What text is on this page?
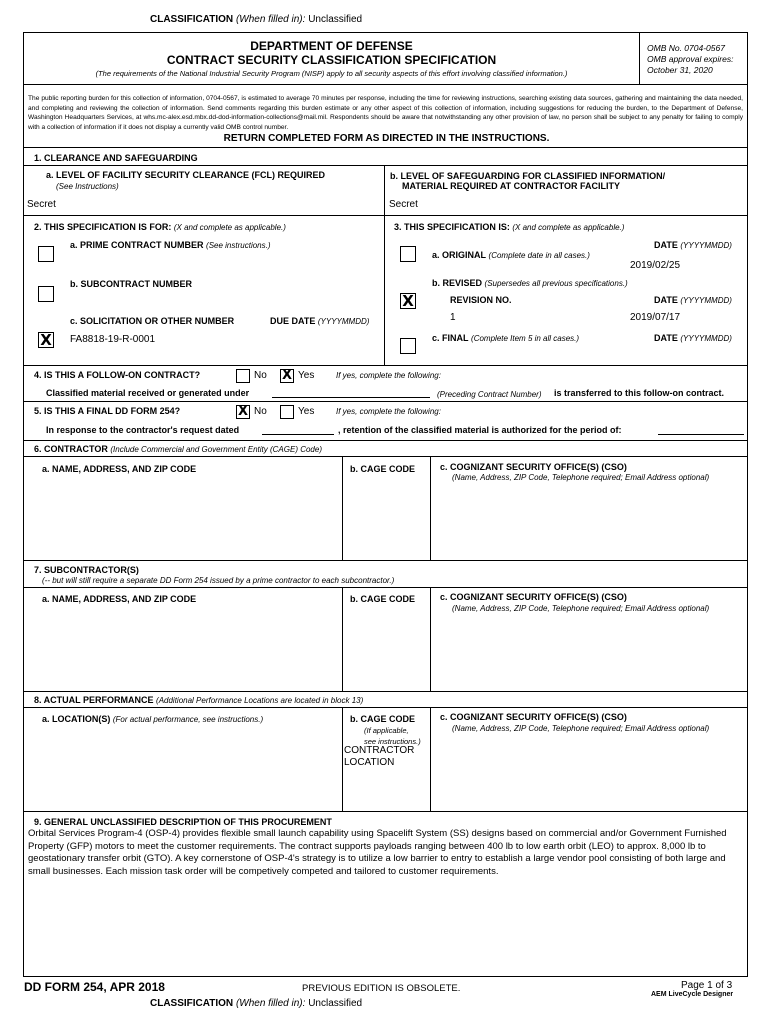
CLASSIFICATION (When filled in): Unclassified
DEPARTMENT OF DEFENSE
CONTRACT SECURITY CLASSIFICATION SPECIFICATION
(The requirements of the National Industrial Security Program (NISP) apply to all security aspects of this effort involving classified information.)
OMB No. 0704-0567
OMB approval expires:
October 31, 2020
The public reporting burden for this collection of information, 0704-0567, is estimated to average 70 minutes per response, including the time for reviewing instructions, searching existing data sources, gathering and maintaining the data needed, and completing and reviewing the collection of information. Send comments regarding this burden estimate or any other aspect of this collection of information, including suggestions for reducing the burden, to the Department of Defense, Washington Headquarters Services, at whs.mc-alex.esd.mbx.dd-dod-information-collections@mail.mil. Respondents should be aware that notwithstanding any other provision of law, no person shall be subject to any penalty for failing to comply with a collection of information if it does not display a currently valid OMB control number.
RETURN COMPLETED FORM AS DIRECTED IN THE INSTRUCTIONS.
1. CLEARANCE AND SAFEGUARDING
a. LEVEL OF FACILITY SECURITY CLEARANCE (FCL) REQUIRED
(See Instructions)
Secret
b. LEVEL OF SAFEGUARDING FOR CLASSIFIED INFORMATION/
MATERIAL REQUIRED AT CONTRACTOR FACILITY
Secret
2. THIS SPECIFICATION IS FOR: (X and complete as applicable.)
a. PRIME CONTRACT NUMBER (See instructions.)
b. SUBCONTRACT NUMBER
c. SOLICITATION OR OTHER NUMBER	DUE DATE (YYYYMMDD)
X FA8818-19-R-0001
3. THIS SPECIFICATION IS: (X and complete as applicable.)
DATE (YYYYMMDD)
a. ORIGINAL (Complete date in all cases.)
2019/02/25
b. REVISED (Supersedes all previous specifications.)
X	REVISION NO.	DATE (YYYYMMDD)
1	2019/07/17
c. FINAL (Complete Item 5 in all cases.)	DATE (YYYYMMDD)
4. IS THIS A FOLLOW-ON CONTRACT?	No X Yes	If yes, complete the following:
Classified material received or generated under	(Preceding Contract Number) is transferred to this follow-on contract.
5. IS THIS A FINAL DD FORM 254?	X No	Yes	If yes, complete the following:
In response to the contractor's request dated	, retention of the classified material is authorized for the period of:
6. CONTRACTOR (Include Commercial and Government Entity (CAGE) Code)
a. NAME, ADDRESS, AND ZIP CODE	b. CAGE CODE	c. COGNIZANT SECURITY OFFICE(S) (CSO)
(Name, Address, ZIP Code, Telephone required; Email Address optional)
7. SUBCONTRACTOR(S)
(-- but will still require a separate DD Form 254 issued by a prime contractor to each subcontractor.)
a. NAME, ADDRESS, AND ZIP CODE	b. CAGE CODE	c. COGNIZANT SECURITY OFFICE(S) (CSO)
(Name, Address, ZIP Code, Telephone required; Email Address optional)
8. ACTUAL PERFORMANCE (Additional Performance Locations are located in block 13)
a. LOCATION(S) (For actual performance, see instructions.)	b. CAGE CODE
(If applicable,
see instructions.)
CONTRACTOR
LOCATION
c. COGNIZANT SECURITY OFFICE(S) (CSO)
(Name, Address, ZIP Code, Telephone required; Email Address optional)
9. GENERAL UNCLASSIFIED DESCRIPTION OF THIS PROCUREMENT
Orbital Services Program-4 (OSP-4) provides flexible small launch capability using Spacelift System (SS) designs based on commercial and/or Government Furnished Property (GFP) motors to meet the customer requirements. The contract supports payloads ranging between 400 lb to low earth orbit (LEO) to approx. 8,000 lb to geostationary transfer orbit (GTO). A key cornerstone of OSP-4's strategy is to utilize a low barrier to entry to establish a large vendor pool consisting of both large and small businesses. Each mission task order will be competively competed and tailored to customer requirements.
DD FORM 254, APR 2018	PREVIOUS EDITION IS OBSOLETE.	Page 1 of 3
AEM LiveCycle Designer
CLASSIFICATION (When filled in): Unclassified
